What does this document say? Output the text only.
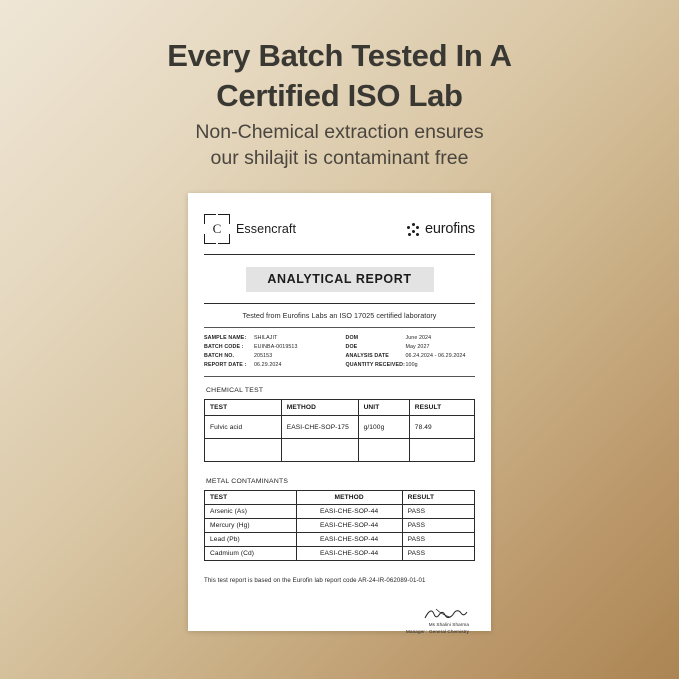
Every Batch Tested In A
Certified ISO Lab
Non-Chemical extraction ensures
our shilajit is contaminant free
C	Essencraft	eurofins
ANALYTICAL REPORT
Tested from Eurofins Labs an ISO 17025 certified laboratory
SAMPLE NAME:	SHILAJIT
BATCH CODE :	EUINBA-0019513
BATCH NO.	205153
REPORT DATE :	06.29.2024
DOM	June 2024
DOE	May 2027
ANALYSIS DATE	06.24.2024 - 06.29.2024
QUANTITY RECEIVED: 100g
CHEMICAL TEST
TEST	METHOD	UNIT	RESULT
Fulvic acid	EASI-CHE-SOP-175	g/100g	78.49

METAL CONTAMINANTS
TEST	METHOD	RESULT
Arsenic (As)	EASI-CHE-SOP-44	PASS
Mercury (Hg)	EASI-CHE-SOP-44	PASS
Lead (Pb)	EASI-CHE-SOP-44	PASS
Cadmium (Cd)	EASI-CHE-SOP-44	PASS
This test report is based on the Eurofin lab report code AR-24-IR-062089-01-01
Ms Shalini Sharma
Manager : General Chemistry
